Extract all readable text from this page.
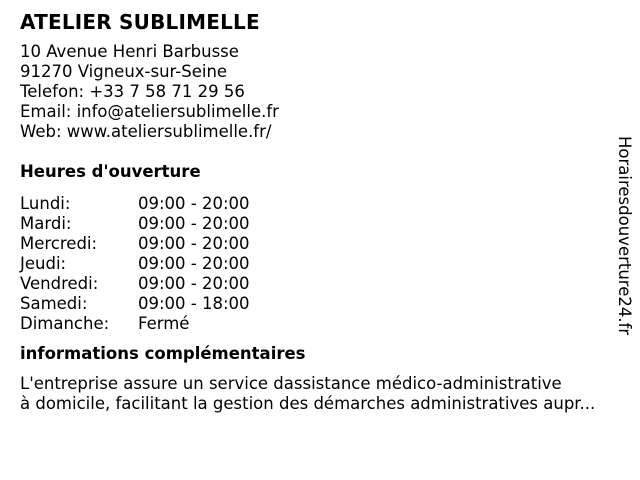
ATELIER SUBLIMELLE
10 Avenue Henri Barbusse
91270 Vigneux-sur-Seine
Telefon: +33 7 58 71 29 56
Email: info@ateliersublimelle.fr
Web: www.ateliersublimelle.fr/
Heures d'ouverture
Lundi:	09:00 - 20:00
Mardi:	09:00 - 20:00
Mercredi:	09:00 - 20:00
Jeudi:	09:00 - 20:00
Vendredi:	09:00 - 20:00
Samedi:	09:00 - 18:00
Dimanche:	Fermé
informations complémentaires
L'entreprise assure un service dassistance médico-administrative
à domicile, facilitant la gestion des démarches administratives aupr...
Horairesdouverture24.fr
